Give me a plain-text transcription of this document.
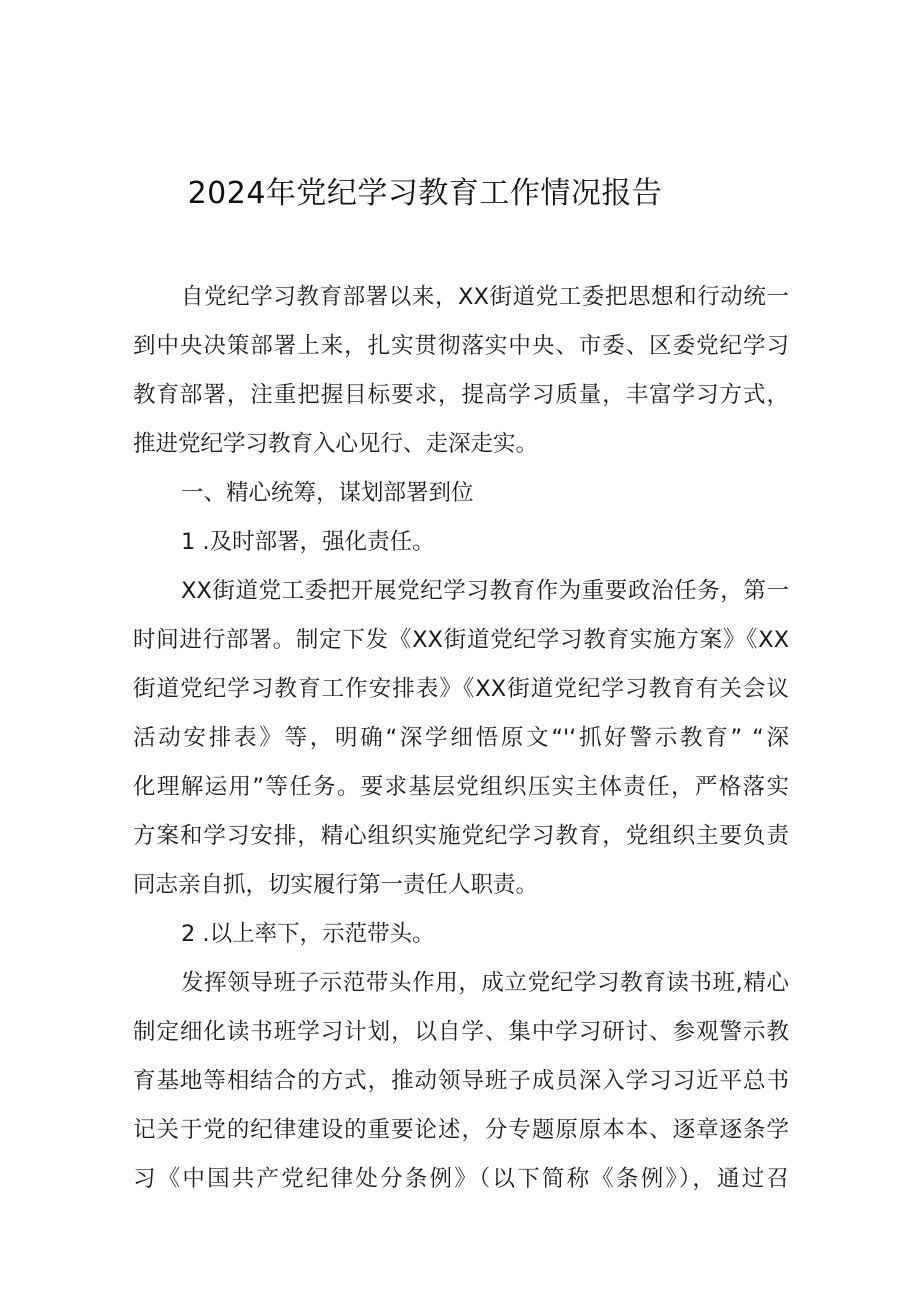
2024年党纪学习教育工作情况报告
自党纪学习教育部署以来，XX街道党工委把思想和行动统一
到中央决策部署上来，扎实贯彻落实中央、市委、区委党纪学习
教育部署，注重把握目标要求，提高学习质量，丰富学习方式，
推进党纪学习教育入心见行、走深走实。
一、精心统筹，谋划部署到位
1 .及时部署，强化责任。
XX街道党工委把开展党纪学习教育作为重要政治任务，第一
时间进行部署。制定下发《XX街道党纪学习教育实施方案》《XX
街道党纪学习教育工作安排表》《XX街道党纪学习教育有关会议
活动安排表》等，明确“深学细悟原文“'‘抓好警示教育” “深
化理解运用”等任务。要求基层党组织压实主体责任，严格落实
方案和学习安排，精心组织实施党纪学习教育，党组织主要负责
同志亲自抓，切实履行第一责任人职责。
2 .以上率下，示范带头。
发挥领导班子示范带头作用，成立党纪学习教育读书班,精心
制定细化读书班学习计划，以自学、集中学习研讨、参观警示教
育基地等相结合的方式，推动领导班子成员深入学习习近平总书
记关于党的纪律建设的重要论述，分专题原原本本、逐章逐条学
习《中国共产党纪律处分条例》（以下简称《条例》），通过召
